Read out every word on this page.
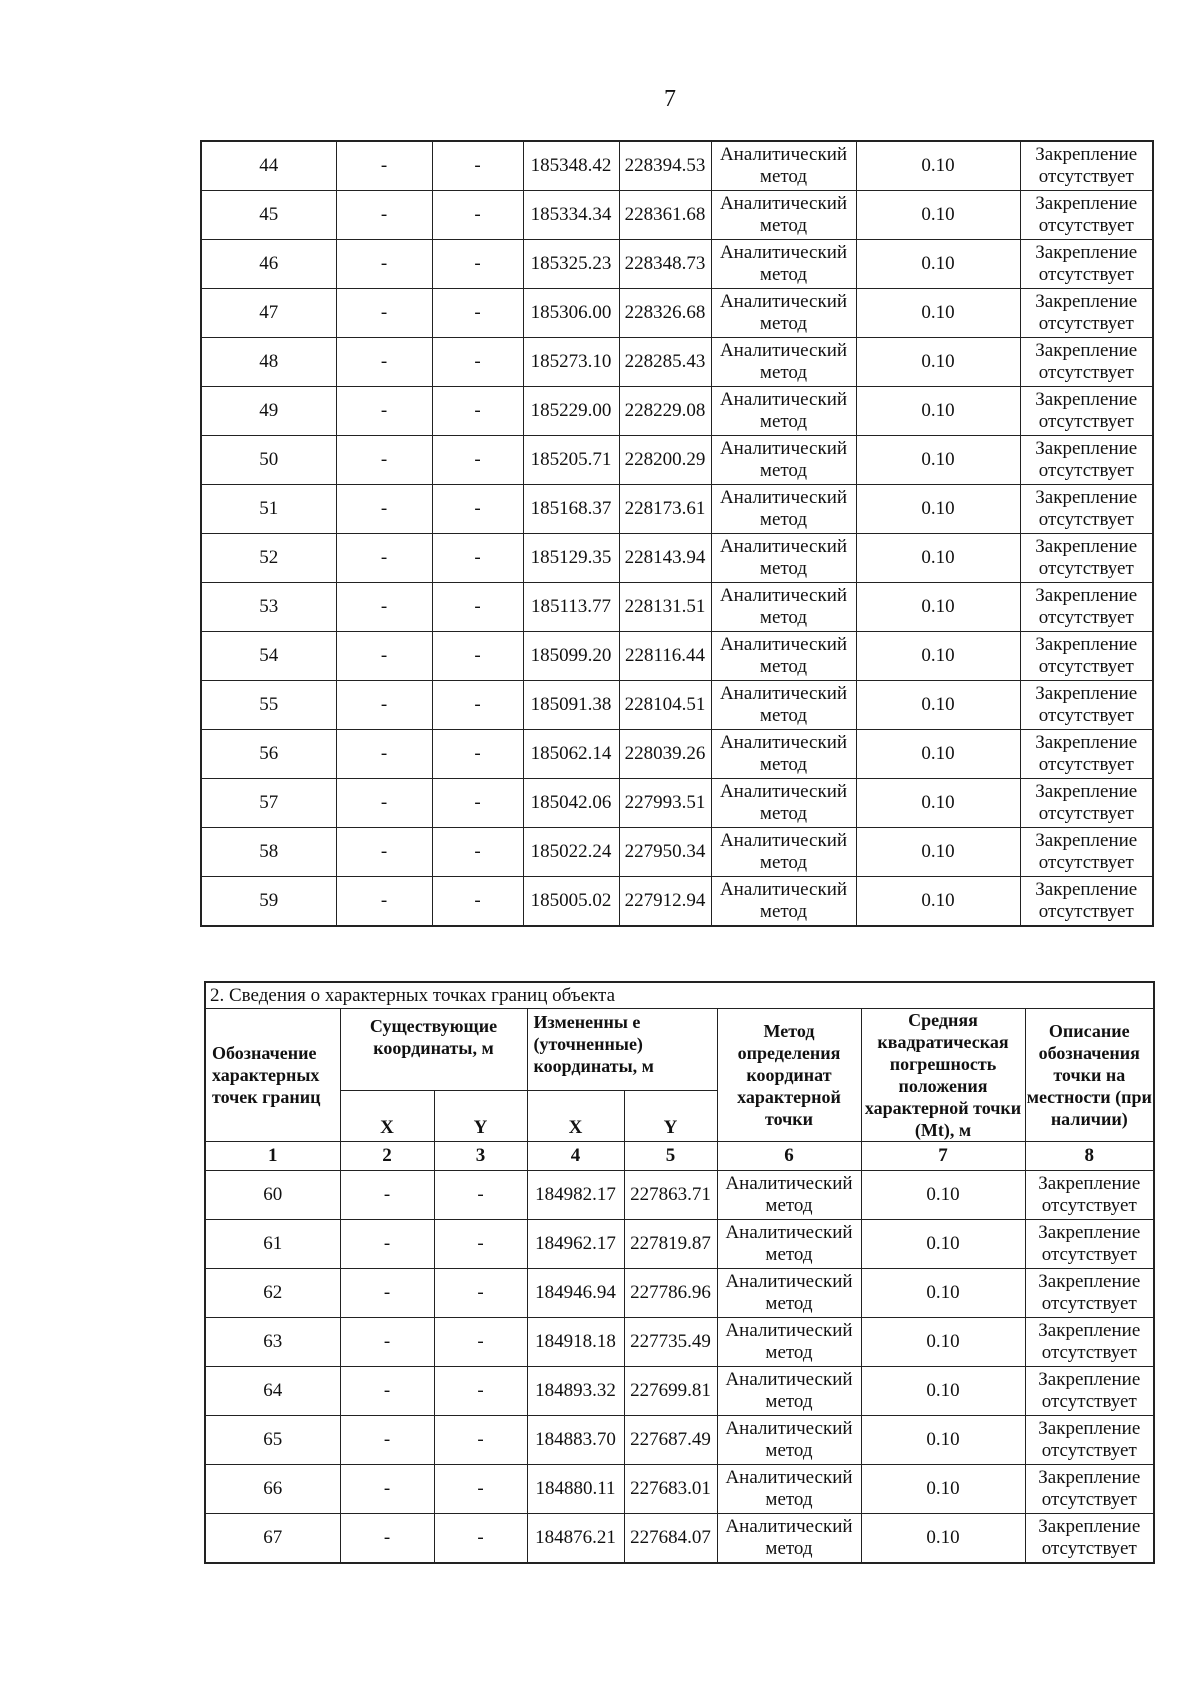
7
44	-	-	185348.42	228394.53	Аналитический метод	0.10	Закрепление отсутствует
45	-	-	185334.34	228361.68	Аналитический метод	0.10	Закрепление отсутствует
46	-	-	185325.23	228348.73	Аналитический метод	0.10	Закрепление отсутствует
47	-	-	185306.00	228326.68	Аналитический метод	0.10	Закрепление отсутствует
48	-	-	185273.10	228285.43	Аналитический метод	0.10	Закрепление отсутствует
49	-	-	185229.00	228229.08	Аналитический метод	0.10	Закрепление отсутствует
50	-	-	185205.71	228200.29	Аналитический метод	0.10	Закрепление отсутствует
51	-	-	185168.37	228173.61	Аналитический метод	0.10	Закрепление отсутствует
52	-	-	185129.35	228143.94	Аналитический метод	0.10	Закрепление отсутствует
53	-	-	185113.77	228131.51	Аналитический метод	0.10	Закрепление отсутствует
54	-	-	185099.20	228116.44	Аналитический метод	0.10	Закрепление отсутствует
55	-	-	185091.38	228104.51	Аналитический метод	0.10	Закрепление отсутствует
56	-	-	185062.14	228039.26	Аналитический метод	0.10	Закрепление отсутствует
57	-	-	185042.06	227993.51	Аналитический метод	0.10	Закрепление отсутствует
58	-	-	185022.24	227950.34	Аналитический метод	0.10	Закрепление отсутствует
59	-	-	185005.02	227912.94	Аналитический метод	0.10	Закрепление отсутствует
2. Сведения о характерных точках границ объекта							
Обозначение характерных точек границ	Существующие координаты, м		Измененны е (уточненные) координаты, м		Метод определения координат характерной точки	Средняя квадратическая погрешность положения характерной точки (Mt), м	Описание обозначения точки на местности (при наличии)
	X	Y	X	Y			
1	2	3	4	5	6	7	8
60	-	-	184982.17	227863.71	Аналитический метод	0.10	Закрепление отсутствует
61	-	-	184962.17	227819.87	Аналитический метод	0.10	Закрепление отсутствует
62	-	-	184946.94	227786.96	Аналитический метод	0.10	Закрепление отсутствует
63	-	-	184918.18	227735.49	Аналитический метод	0.10	Закрепление отсутствует
64	-	-	184893.32	227699.81	Аналитический метод	0.10	Закрепление отсутствует
65	-	-	184883.70	227687.49	Аналитический метод	0.10	Закрепление отсутствует
66	-	-	184880.11	227683.01	Аналитический метод	0.10	Закрепление отсутствует
67	-	-	184876.21	227684.07	Аналитический метод	0.10	Закрепление отсутствует
